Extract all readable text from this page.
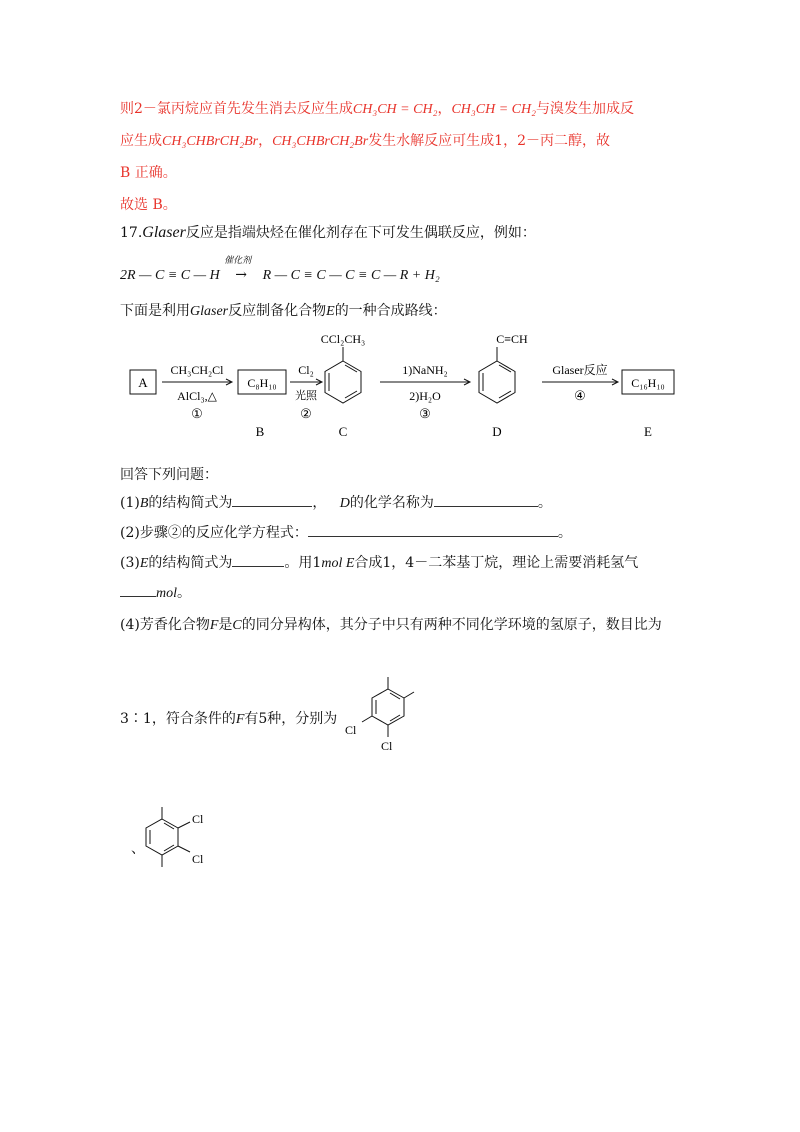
则2－氯丙烷应首先发生消去反应生成CH₃CH = CH₂，CH₃CH = CH₂与溴发生加成反
应生成CH₃CHBrCH₂Br，CH₃CHBrCH₂Br发生水解反应可生成1，2－丙二醇，故
B 正确。
故选 B。
17.Glaser反应是指端炔烃在催化剂存在下可发生偶联反应，例如：
2R — C ≡ C — H
催化剂
→ R — C ≡ C — C ≡ C — R + H₂
下面是利用Glaser反应制备化合物E的一种合成路线：
A
CH₃CH₂Cl
AlCl₃,△
①
C₈H₁₀
Cl₂
光照
②
CCl₂CH₃
1)NaNH₂
2)H₂O
③
C≡CH
Glaser反应
④
C₁₆H₁₀
B	C	D	E
回答下列问题：
(1)B的结构简式为	， D的化学名称为	。
(2)步骤②的反应化学方程式：	。
(3)E的结构简式为	。用1mol E合成1，4－二苯基丁烷，理论上需要消耗氢气
mol。
(4)芳香化合物F是C的同分异构体，其分子中只有两种不同化学环境的氢原子，数目比为
3∶1，符合条件的F有5种，分别为
Cl
Cl
、
Cl
Cl
